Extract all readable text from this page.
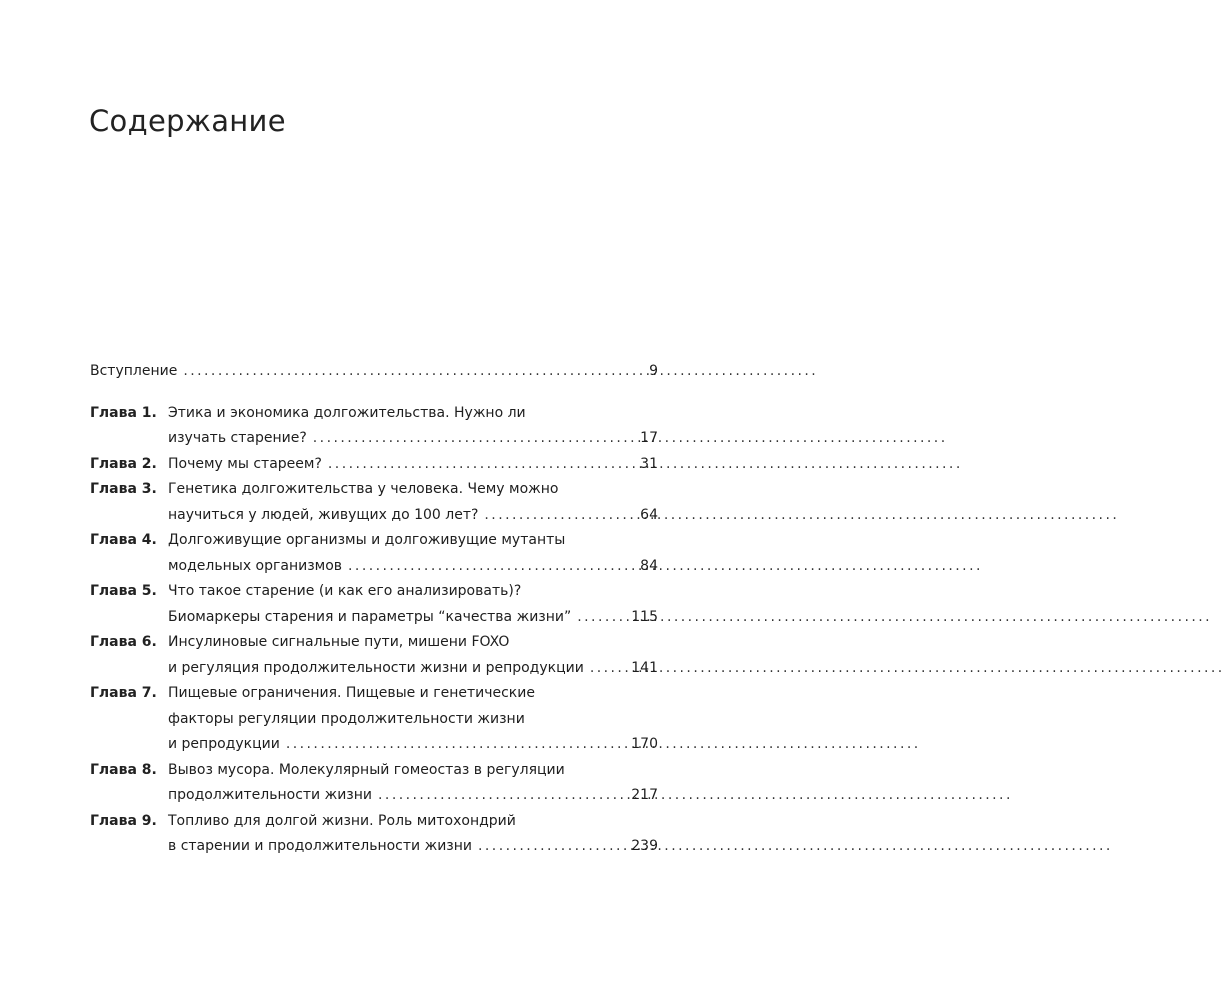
Содержание
Вступление . . .	9
Глава 1. Этика и экономика долгожительства. Нужно ли
изучать старение? . . .	17
Глава 2. Почему мы стареем? . . .	31
Глава 3. Генетика долгожительства у человека. Чему можно
научиться у людей, живущих до 100 лет? . . .	64
Глава 4. Долгоживущие организмы и долгоживущие мутанты
модельных организмов . . .	84
Глава 5. Что такое старение (и как его анализировать)?
Биомаркеры старения и параметры “качества жизни” . . .	115
Глава 6. Инсулиновые сигнальные пути, мишени FOXO
и регуляция продолжительности жизни и репродукции . . .	141
Глава 7. Пищевые ограничения. Пищевые и генетические
факторы регуляции продолжительности жизни
и репродукции . . .	170
Глава 8. Вывоз мусора. Молекулярный гомеостаз в регуляции
продолжительности жизни . . .	217
Глава 9. Топливо для долгой жизни. Роль митохондрий
в старении и продолжительности жизни . . .	239
